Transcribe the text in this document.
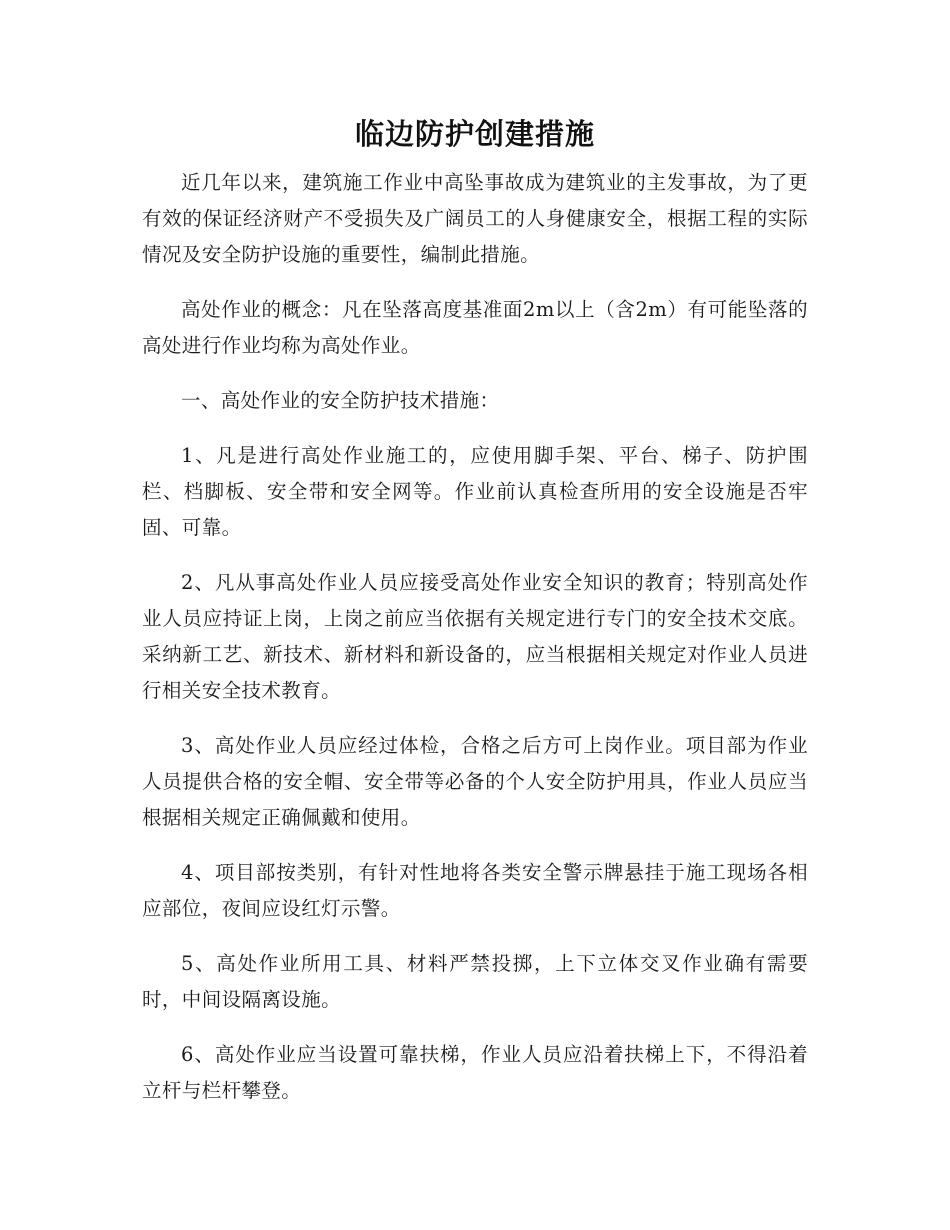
临边防护创建措施

近几年以来，建筑施工作业中高坠事故成为建筑业的主发事故，为了更有效的保证经济财产不受损失及广阔员工的人身健康安全，根据工程的实际情况及安全防护设施的重要性，编制此措施。

高处作业的概念：凡在坠落高度基准面2m以上（含2m）有可能坠落的高处进行作业均称为高处作业。

一、高处作业的安全防护技术措施：

1、凡是进行高处作业施工的，应使用脚手架、平台、梯子、防护围栏、档脚板、安全带和安全网等。作业前认真检查所用的安全设施是否牢固、可靠。

2、凡从事高处作业人员应接受高处作业安全知识的教育；特别高处作业人员应持证上岗，上岗之前应当依据有关规定进行专门的安全技术交底。采纳新工艺、新技术、新材料和新设备的，应当根据相关规定对作业人员进行相关安全技术教育。

3、高处作业人员应经过体检，合格之后方可上岗作业。项目部为作业人员提供合格的安全帽、安全带等必备的个人安全防护用具，作业人员应当根据相关规定正确佩戴和使用。

4、项目部按类别，有针对性地将各类安全警示牌悬挂于施工现场各相应部位，夜间应设红灯示警。

5、高处作业所用工具、材料严禁投掷，上下立体交叉作业确有需要时，中间设隔离设施。

6、高处作业应当设置可靠扶梯，作业人员应沿着扶梯上下，不得沿着立杆与栏杆攀登。
